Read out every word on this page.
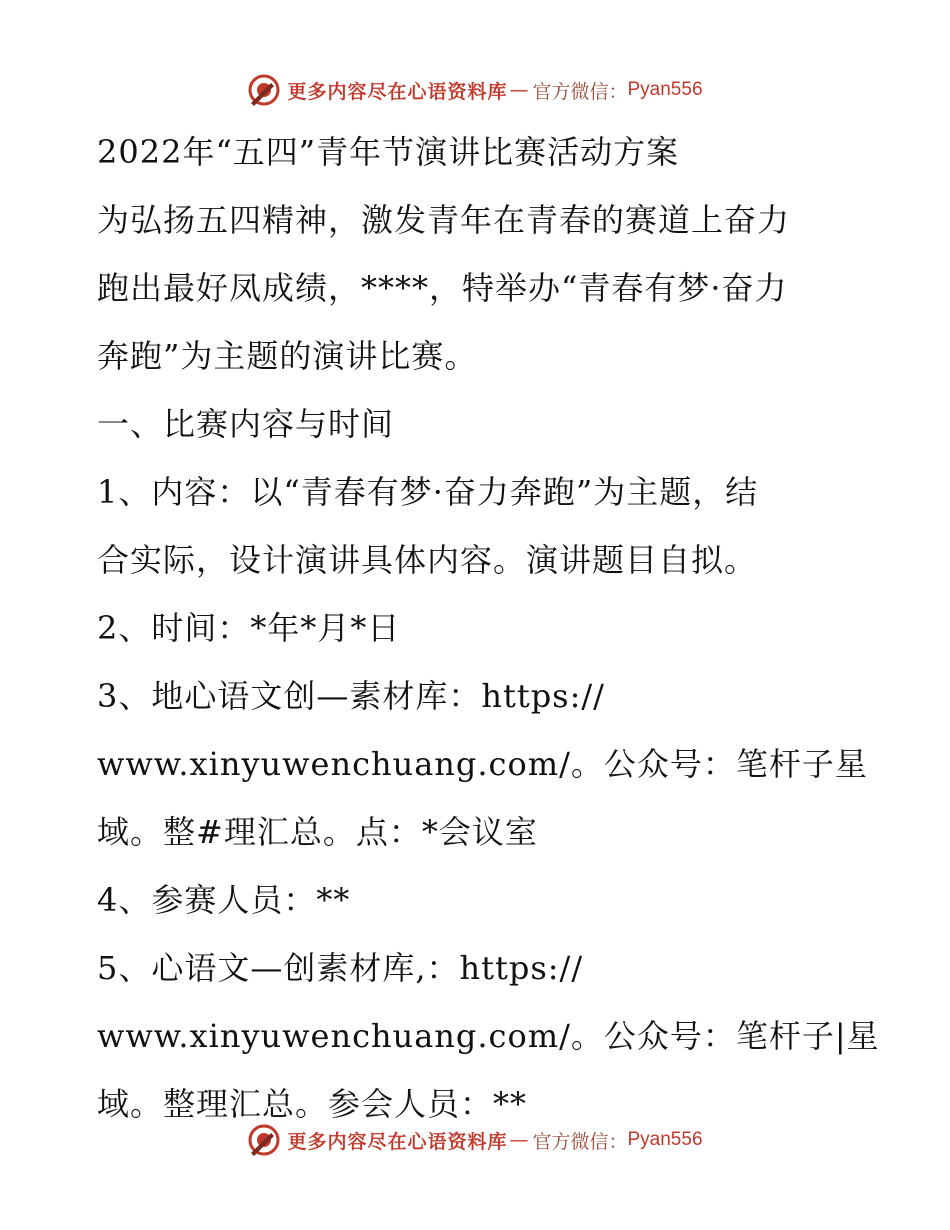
更多内容尽在心语资料库 — 官方微信： Pyan556
2022年“五四”青年节演讲比赛活动方案
为弘扬五四精神，激发青年在青春的赛道上奋力
跑出最好凤成绩，****，特举办“青春有梦·奋力
奔跑”为主题的演讲比赛。
一、比赛内容与时间
1、内容：以“青春有梦·奋力奔跑”为主题，结
合实际，设计演讲具体内容。演讲题目自拟。
2、时间：*年*月*日
3、地心语文创—素材库：https://
www.xinyuwenchuang.com/。公众号：笔杆子星
域。整#理汇总。点：*会议室
4、参赛人员：**
5、心语文—创素材库,：https://
www.xinyuwenchuang.com/。公众号：笔杆子|星
域。整理汇总。参会人员：**
更多内容尽在心语资料库 — 官方微信： Pyan556
